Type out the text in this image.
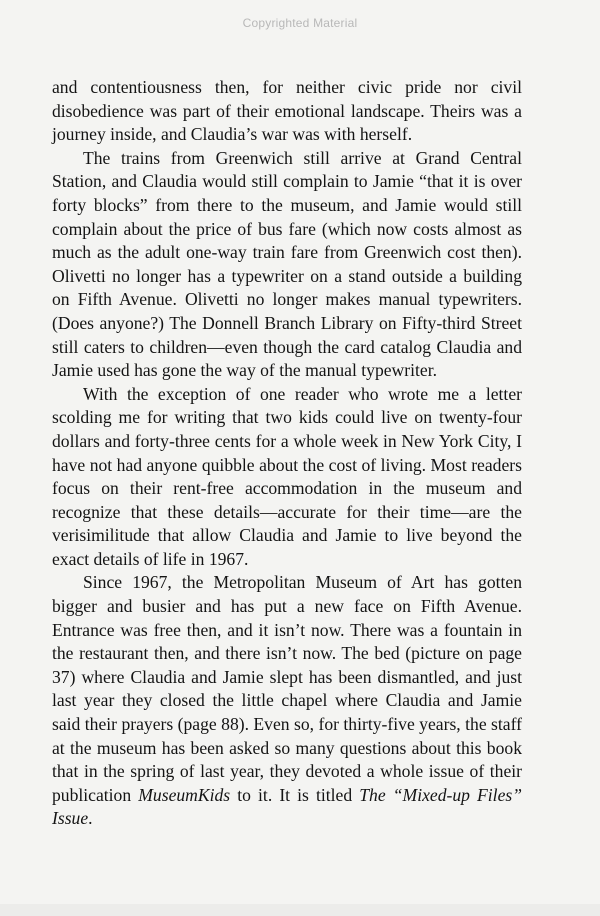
Copyrighted Material

and contentiousness then, for neither civic pride nor civil disobedience was part of their emotional landscape. Theirs was a journey inside, and Claudia’s war was with herself.

The trains from Greenwich still arrive at Grand Central Station, and Claudia would still complain to Jamie “that it is over forty blocks” from there to the museum, and Jamie would still complain about the price of bus fare (which now costs almost as much as the adult one-way train fare from Greenwich cost then). Olivetti no longer has a typewriter on a stand outside a building on Fifth Avenue. Olivetti no longer makes manual typewriters. (Does anyone?) The Donnell Branch Library on Fifty-third Street still caters to children—even though the card catalog Claudia and Jamie used has gone the way of the manual typewriter.

With the exception of one reader who wrote me a letter scolding me for writing that two kids could live on twenty-four dollars and forty-three cents for a whole week in New York City, I have not had anyone quibble about the cost of living. Most readers focus on their rent-free accommodation in the museum and recognize that these details—accurate for their time—are the verisimilitude that allow Claudia and Jamie to live beyond the exact details of life in 1967.

Since 1967, the Metropolitan Museum of Art has gotten bigger and busier and has put a new face on Fifth Avenue. Entrance was free then, and it isn’t now. There was a fountain in the restaurant then, and there isn’t now. The bed (picture on page 37) where Claudia and Jamie slept has been dismantled, and just last year they closed the little chapel where Claudia and Jamie said their prayers (page 88). Even so, for thirty-five years, the staff at the museum has been asked so many questions about this book that in the spring of last year, they devoted a whole issue of their publication MuseumKids to it. It is titled The “Mixed-up Files” Issue.
